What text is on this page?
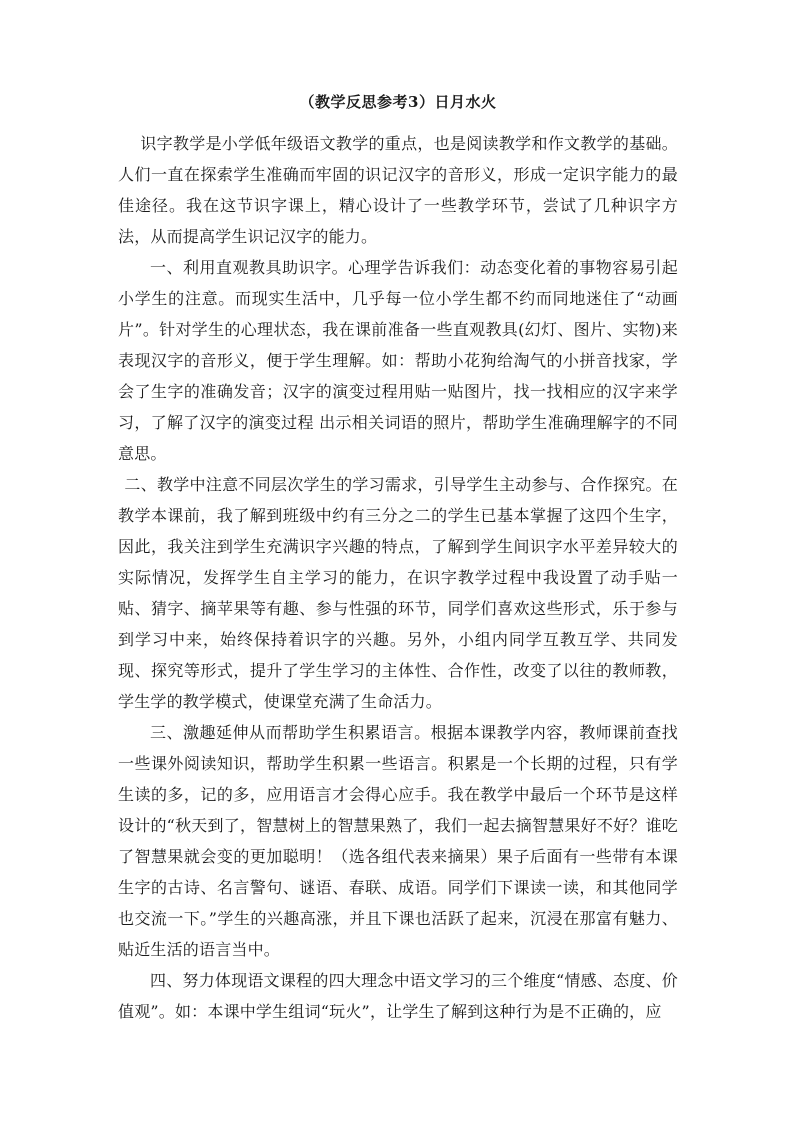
（教学反思参考3）日月水火

识字教学是小学低年级语文教学的重点，也是阅读教学和作文教学的基础。人们一直在探索学生准确而牢固的识记汉字的音形义，形成一定识字能力的最佳途径。我在这节识字课上，精心设计了一些教学环节，尝试了几种识字方法，从而提高学生识记汉字的能力。

一、利用直观教具助识字。心理学告诉我们：动态变化着的事物容易引起小学生的注意。而现实生活中，几乎每一位小学生都不约而同地迷住了“动画片”。针对学生的心理状态，我在课前准备一些直观教具(幻灯、图片、实物)来表现汉字的音形义，便于学生理解。如：帮助小花狗给淘气的小拼音找家，学会了生字的准确发音；汉字的演变过程用贴一贴图片，找一找相应的汉字来学习，了解了汉字的演变过程 出示相关词语的照片，帮助学生准确理解字的不同意思。

二、教学中注意不同层次学生的学习需求，引导学生主动参与、合作探究。在教学本课前，我了解到班级中约有三分之二的学生已基本掌握了这四个生字，因此，我关注到学生充满识字兴趣的特点，了解到学生间识字水平差异较大的实际情况，发挥学生自主学习的能力，在识字教学过程中我设置了动手贴一贴、猜字、摘苹果等有趣、参与性强的环节，同学们喜欢这些形式，乐于参与到学习中来，始终保持着识字的兴趣。另外，小组内同学互教互学、共同发现、探究等形式，提升了学生学习的主体性、合作性，改变了以往的教师教，学生学的教学模式，使课堂充满了生命活力。

三、激趣延伸从而帮助学生积累语言。根据本课教学内容，教师课前查找一些课外阅读知识，帮助学生积累一些语言。积累是一个长期的过程，只有学生读的多，记的多，应用语言才会得心应手。我在教学中最后一个环节是这样设计的“秋天到了，智慧树上的智慧果熟了，我们一起去摘智慧果好不好？谁吃了智慧果就会变的更加聪明！（选各组代表来摘果）果子后面有一些带有本课生字的古诗、名言警句、谜语、春联、成语。同学们下课读一读，和其他同学也交流一下。”学生的兴趣高涨，并且下课也活跃了起来，沉浸在那富有魅力、贴近生活的语言当中。

四、努力体现语文课程的四大理念中语文学习的三个维度“情感、态度、价值观”。如：本课中学生组词“玩火”，让学生了解到这种行为是不正确的，应
